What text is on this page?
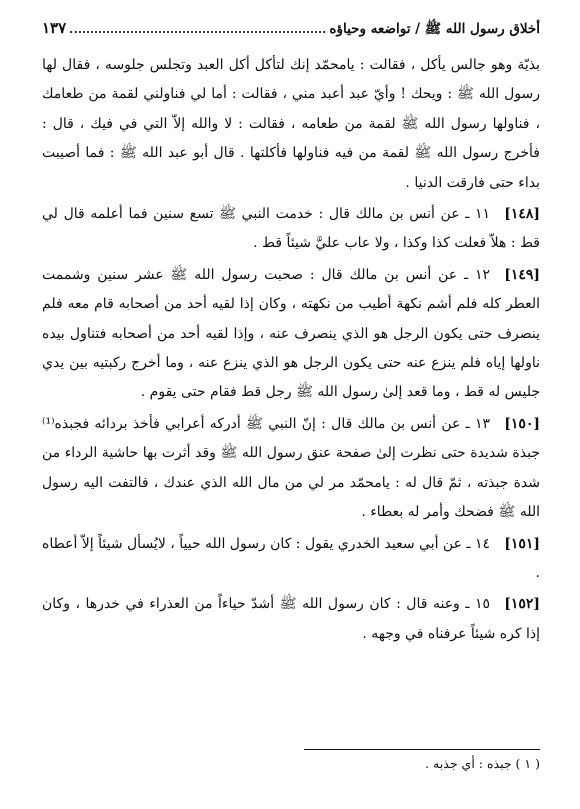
أخلاق رسول الله ﷺ / تواضعه وحياؤه
١٣٧

بذيّة وهو جالس يأكل ، فقالت : يامحمّد إنك لتأكل أكل العبد وتجلس جلوسه ، فقال لها رسول الله ﷺ : ويحك ! وأيّ عبد أعبد مني ، فقالت : أما لي فناولني لقمة من طعامك ، فناولها رسول الله ﷺ لقمة من طعامه ، فقالت : لا والله إلاّ التي في فيك ، قال : فأخرج رسول الله ﷺ لقمة من فيه فناولها فأكلتها . قال أبو عبد الله ﷺ : فما أصيبت بداء حتى فارقت الدنيا .

[١٤٨]١١ ـ عن أنس بن مالك قال : خدمت النبي ﷺ تسع سنين فما أعلمه قال لي قط : هلاّ فعلت كذا وكذا ، ولا عاب عليَّ شيئاً قط .

[١٤٩]١٢ ـ عن أنس بن مالك قال : صحبت رسول الله ﷺ عشر سنين وشممت العطر كله فلم أشم نكهة أطيب من نكهته ، وكان إذا لقيه أحد من أصحابه قام معه فلم ينصرف حتى يكون الرجل هو الذي ينصرف عنه ، وإذا لقيه أحد من أصحابه فتناول بيده ناولها إياه فلم ينزع عنه حتى يكون الرجل هو الذي ينزع عنه ، وما أخرج ركبتيه بين يدي جليس له قط ، وما قعد إلىٰ رسول الله ﷺ رجل قط فقام حتى يقوم .

[١٥٠]١٣ ـ عن أنس بن مالك قال : إنّ النبي ﷺ أدركه أعرابي فأخذ بردائه فجبذه⁽¹⁾ جبذة شديدة حتى نظرت إلىٰ صفحة عنق رسول الله ﷺ وقد أثرت بها حاشية الرداء من شدة جبذته ، ثمّ قال له : يامحمّد مر لي من مال الله الذي عندك ، فالتفت اليه رسول الله ﷺ فضحك وأمر له بعطاء .

[١٥١]١٤ ـ عن أبي سعيد الخدري يقول : كان رسول الله حيياً ، لايُسأل شيئاً إلاّ أعطاه .

[١٥٢]١٥ ـ وعنه قال : كان رسول الله ﷺ أشدّ حياءاً من العذراء في خدرها ، وكان إذا كره شيئاً عرفناه في وجهه .

( ١ ) جبذه : أي جذبه .
